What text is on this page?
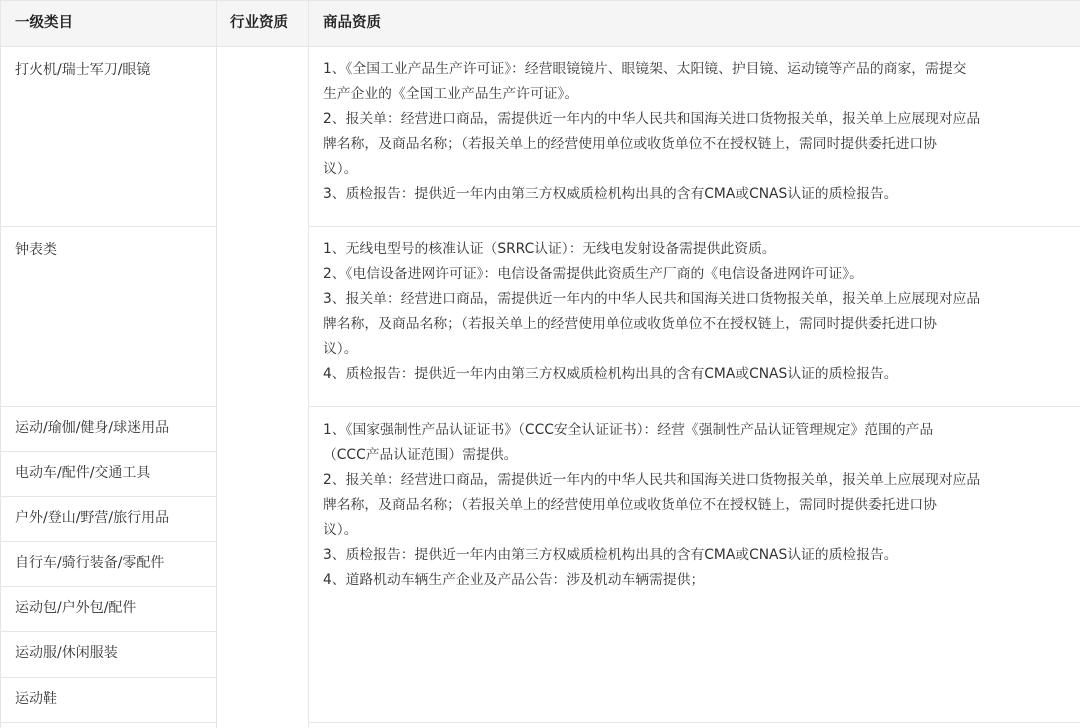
一级类目	行业资质	商品资质
打火机/瑞士军刀/眼镜
钟表类
运动/瑜伽/健身/球迷用品
电动车/配件/交通工具
户外/登山/野营/旅行用品
自行车/骑行装备/零配件
运动包/户外包/配件
运动服/休闲服装
运动鞋

1、《全国工业产品生产许可证》：经营眼镜镜片、眼镜架、太阳镜、护目镜、运动镜等产品的商家，需提交

生产企业的《全国工业产品生产许可证》。

2、报关单：经营进口商品，需提供近一年内的中华人民共和国海关进口货物报关单，报关单上应展现对应品

牌名称，及商品名称；（若报关单上的经营使用单位或收货单位不在授权链上，需同时提供委托进口协

议）。

3、质检报告：提供近一年内由第三方权威质检机构出具的含有CMA或CNAS认证的质检报告。

1、无线电型号的核准认证（SRRC认证）：无线电发射设备需提供此资质。

2、《电信设备进网许可证》：电信设备需提供此资质生产厂商的《电信设备进网许可证》。

3、报关单：经营进口商品，需提供近一年内的中华人民共和国海关进口货物报关单，报关单上应展现对应品

牌名称，及商品名称；（若报关单上的经营使用单位或收货单位不在授权链上，需同时提供委托进口协

议）。

4、质检报告：提供近一年内由第三方权威质检机构出具的含有CMA或CNAS认证的质检报告。

1、《国家强制性产品认证证书》（CCC安全认证证书）：经营《强制性产品认证管理规定》范围的产品

（CCC产品认证范围）需提供。

2、报关单：经营进口商品，需提供近一年内的中华人民共和国海关进口货物报关单，报关单上应展现对应品

牌名称，及商品名称；（若报关单上的经营使用单位或收货单位不在授权链上，需同时提供委托进口协

议）。

3、质检报告：提供近一年内由第三方权威质检机构出具的含有CMA或CNAS认证的质检报告。

4、道路机动车辆生产企业及产品公告：涉及机动车辆需提供；
